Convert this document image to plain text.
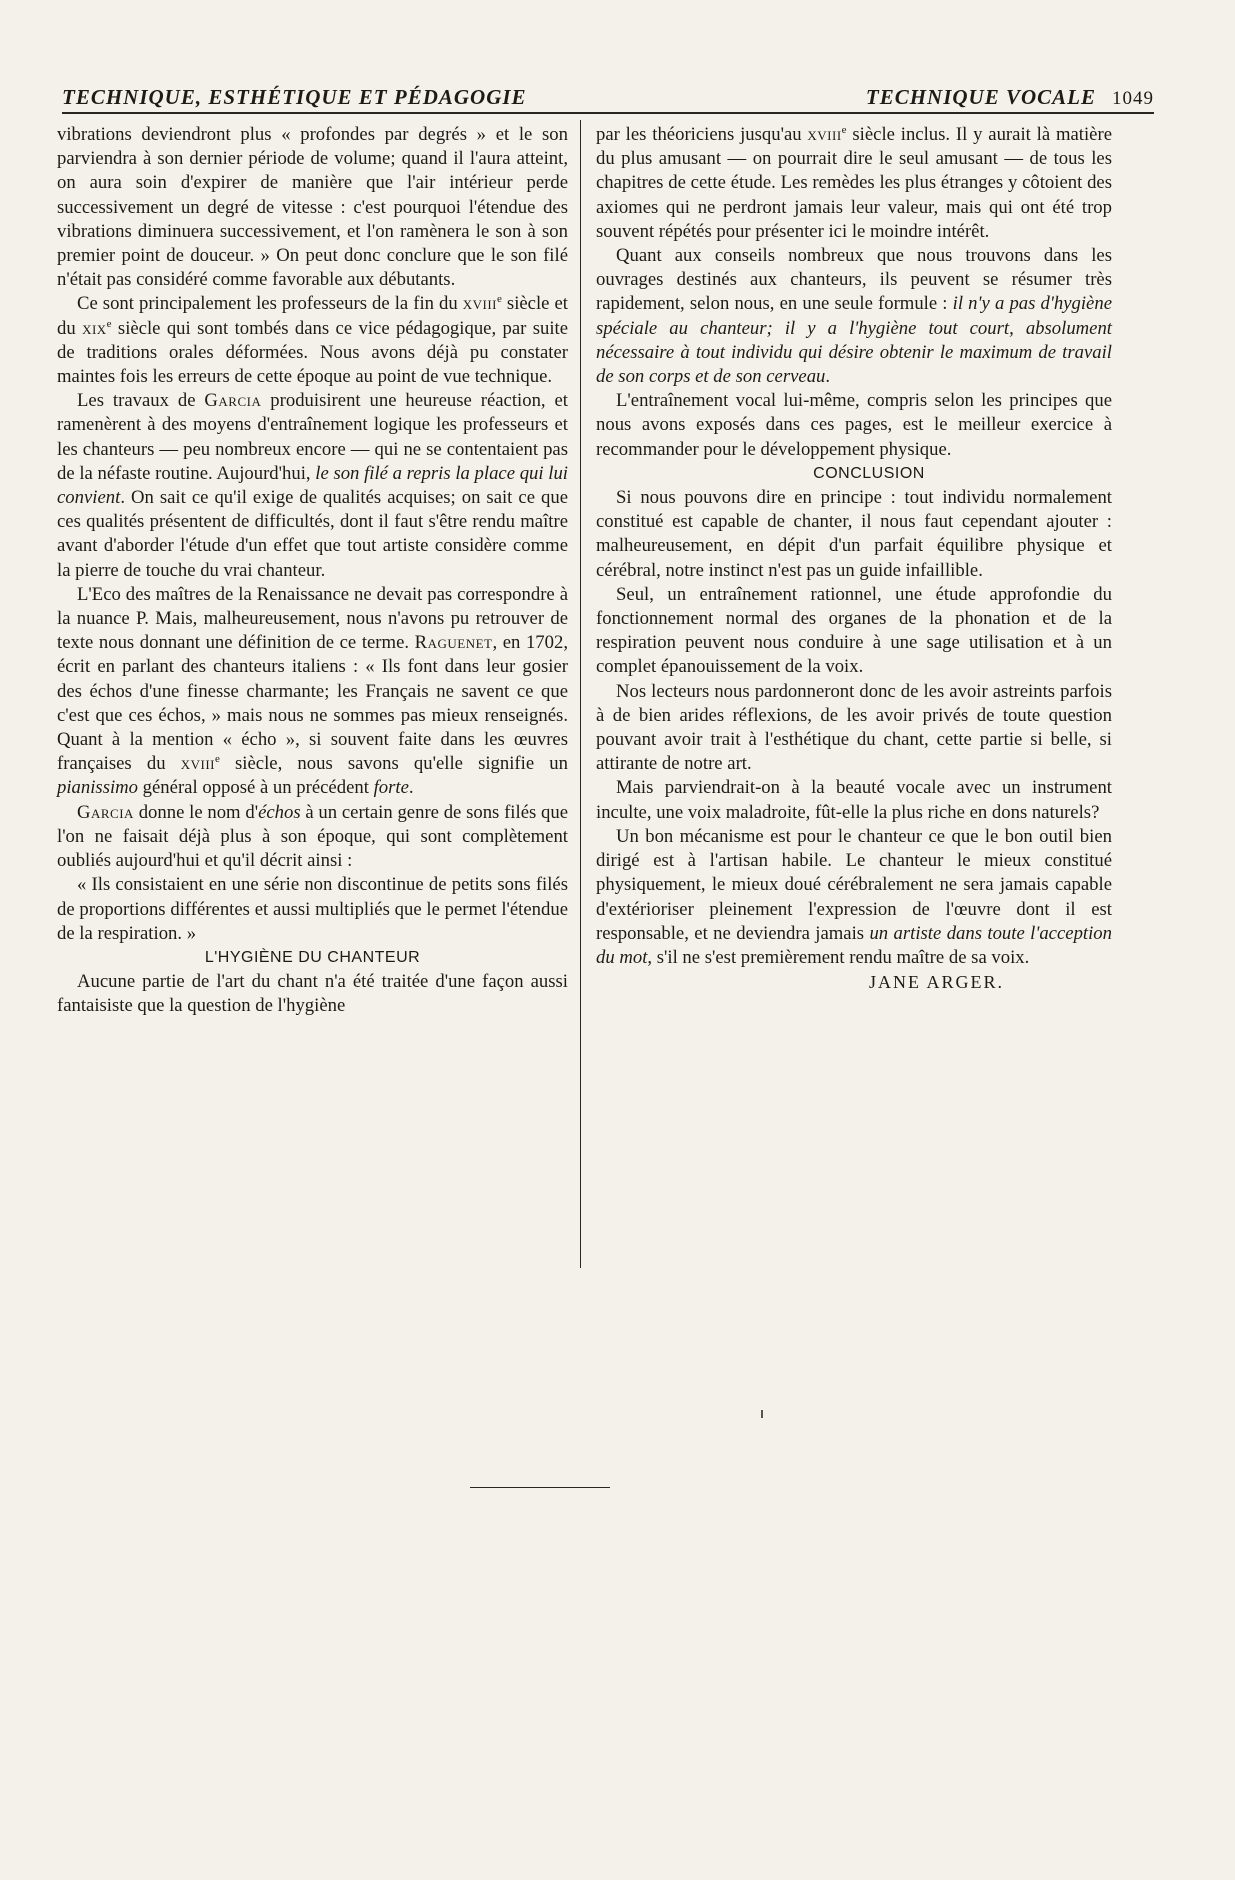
TECHNIQUE, ESTHÉTIQUE ET PÉDAGOGIE	TECHNIQUE VOCALE 1049

vibrations deviendront plus « profondes par degrés » et le son parviendra à son dernier période de volume; quand il l'aura atteint, on aura soin d'expirer de manière que l'air intérieur perde successivement un degré de vitesse : c'est pourquoi l'étendue des vibrations diminuera successivement, et l'on ramènera le son à son premier point de douceur. » On peut donc conclure que le son filé n'était pas considéré comme favorable aux débutants.

Ce sont principalement les professeurs de la fin du xviii$^e$ siècle et du xix$^e$ siècle qui sont tombés dans ce vice pédagogique, par suite de traditions orales déformées. Nous avons déjà pu constater maintes fois les erreurs de cette époque au point de vue technique.

Les travaux de Garcia produisirent une heureuse réaction, et ramenèrent à des moyens d'entraînement logique les professeurs et les chanteurs — peu nombreux encore — qui ne se contentaient pas de la néfaste routine. Aujourd'hui, le son filé a repris la place qui lui convient. On sait ce qu'il exige de qualités acquises; on sait ce que ces qualités présentent de difficultés, dont il faut s'être rendu maître avant d'aborder l'étude d'un effet que tout artiste considère comme la pierre de touche du vrai chanteur.

L'Eco des maîtres de la Renaissance ne devait pas correspondre à la nuance P. Mais, malheureusement, nous n'avons pu retrouver de texte nous donnant une définition de ce terme. Raguenet, en 1702, écrit en parlant des chanteurs italiens : « Ils font dans leur gosier des échos d'une finesse charmante; les Français ne savent ce que c'est que ces échos, » mais nous ne sommes pas mieux renseignés. Quant à la mention « écho », si souvent faite dans les œuvres françaises du xviii$^e$ siècle, nous savons qu'elle signifie un pianissimo général opposé à un précédent forte.

Garcia donne le nom d'échos à un certain genre de sons filés que l'on ne faisait déjà plus à son époque, qui sont complètement oubliés aujourd'hui et qu'il décrit ainsi :

« Ils consistaient en une série non discontinue de petits sons filés de proportions différentes et aussi multipliés que le permet l'étendue de la respiration. »

L'HYGIÈNE DU CHANTEUR

Aucune partie de l'art du chant n'a été traitée d'une façon aussi fantaisiste que la question de l'hygiène

par les théoriciens jusqu'au xviii$^e$ siècle inclus. Il y aurait là matière du plus amusant — on pourrait dire le seul amusant — de tous les chapitres de cette étude. Les remèdes les plus étranges y côtoient des axiomes qui ne perdront jamais leur valeur, mais qui ont été trop souvent répétés pour présenter ici le moindre intérêt.

Quant aux conseils nombreux que nous trouvons dans les ouvrages destinés aux chanteurs, ils peuvent se résumer très rapidement, selon nous, en une seule formule : il n'y a pas d'hygiène spéciale au chanteur; il y a l'hygiène tout court, absolument nécessaire à tout individu qui désire obtenir le maximum de travail de son corps et de son cerveau.

L'entraînement vocal lui-même, compris selon les principes que nous avons exposés dans ces pages, est le meilleur exercice à recommander pour le développement physique.

CONCLUSION

Si nous pouvons dire en principe : tout individu normalement constitué est capable de chanter, il nous faut cependant ajouter : malheureusement, en dépit d'un parfait équilibre physique et cérébral, notre instinct n'est pas un guide infaillible.

Seul, un entraînement rationnel, une étude approfondie du fonctionnement normal des organes de la phonation et de la respiration peuvent nous conduire à une sage utilisation et à un complet épanouissement de la voix.

Nos lecteurs nous pardonneront donc de les avoir astreints parfois à de bien arides réflexions, de les avoir privés de toute question pouvant avoir trait à l'esthétique du chant, cette partie si belle, si attirante de notre art.

Mais parviendrait-on à la beauté vocale avec un instrument inculte, une voix maladroite, fût-elle la plus riche en dons naturels?

Un bon mécanisme est pour le chanteur ce que le bon outil bien dirigé est à l'artisan habile. Le chanteur le mieux constitué physiquement, le mieux doué cérébralement ne sera jamais capable d'extérioriser pleinement l'expression de l'œuvre dont il est responsable, et ne deviendra jamais un artiste dans toute l'acception du mot, s'il ne s'est premièrement rendu maître de sa voix.

JANE ARGER.
